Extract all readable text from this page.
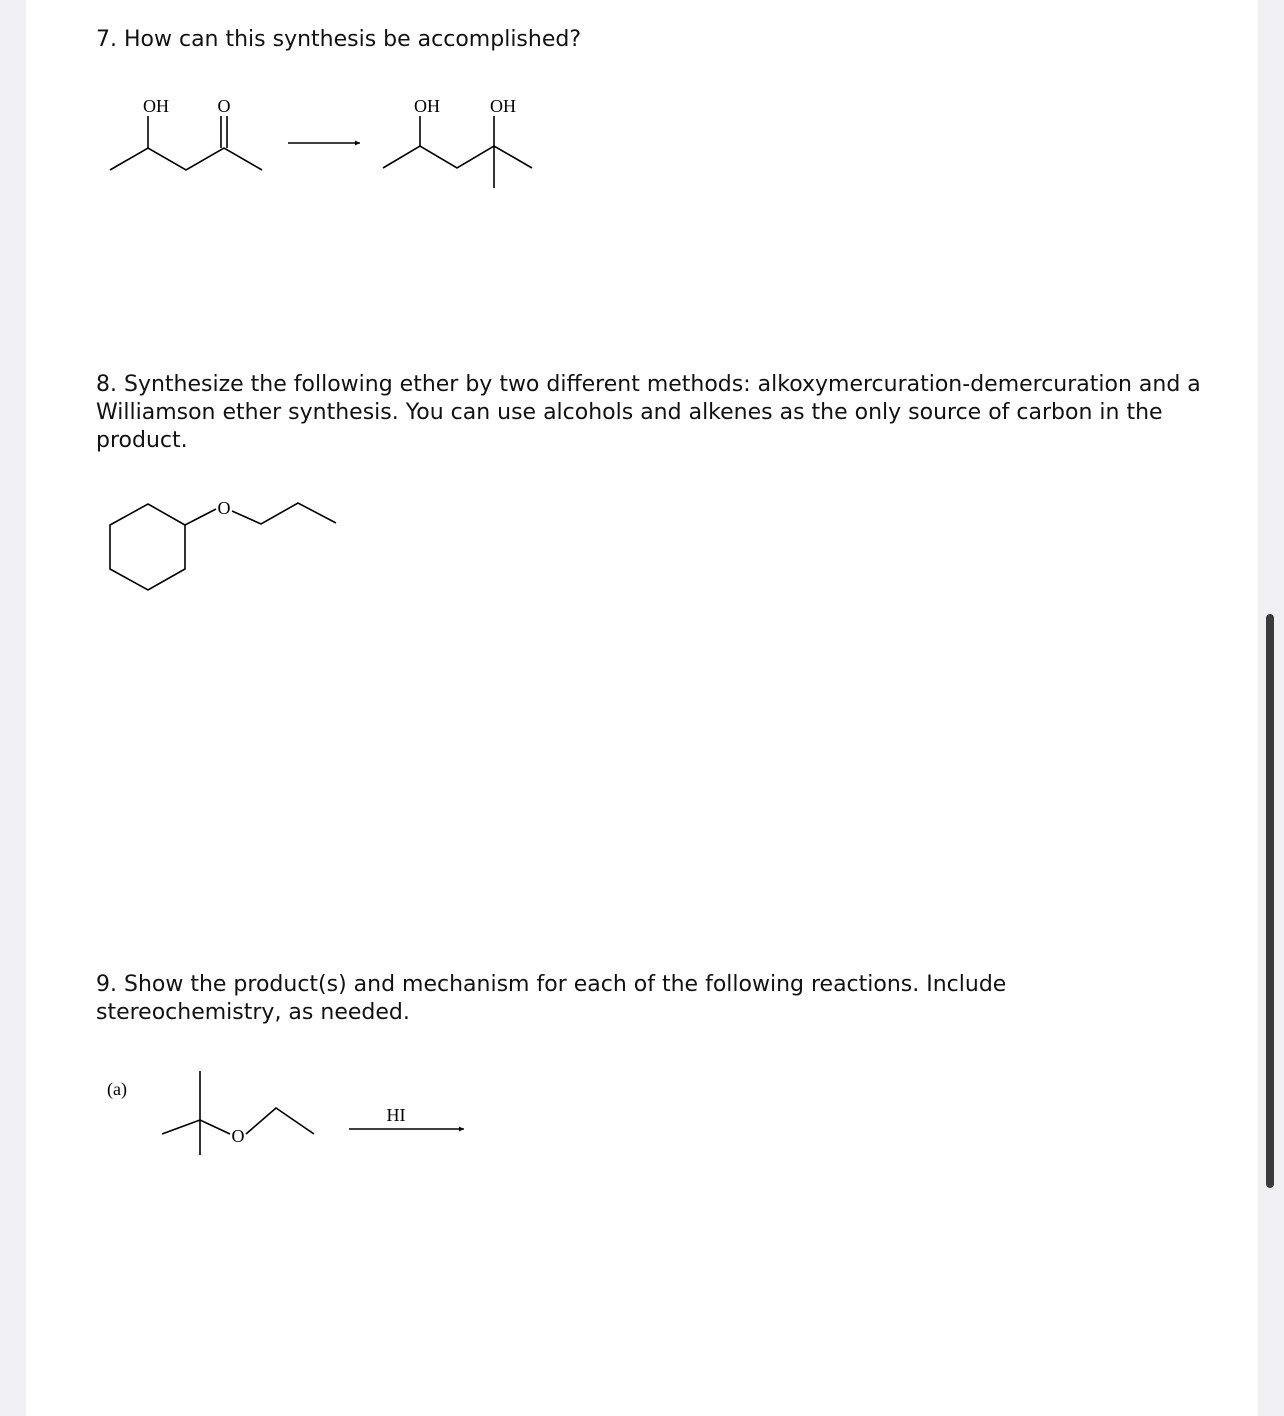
7. How can this synthesis be accomplished?

8. Synthesize the following ether by two different methods: alkoxymercuration-demercuration and a Williamson ether synthesis. You can use alcohols and alkenes as the only source of carbon in the product.

9. Show the product(s) and mechanism for each of the following reactions. Include stereochemistry, as needed.

OH	O	OH	OH
O
(a)
O
HI
